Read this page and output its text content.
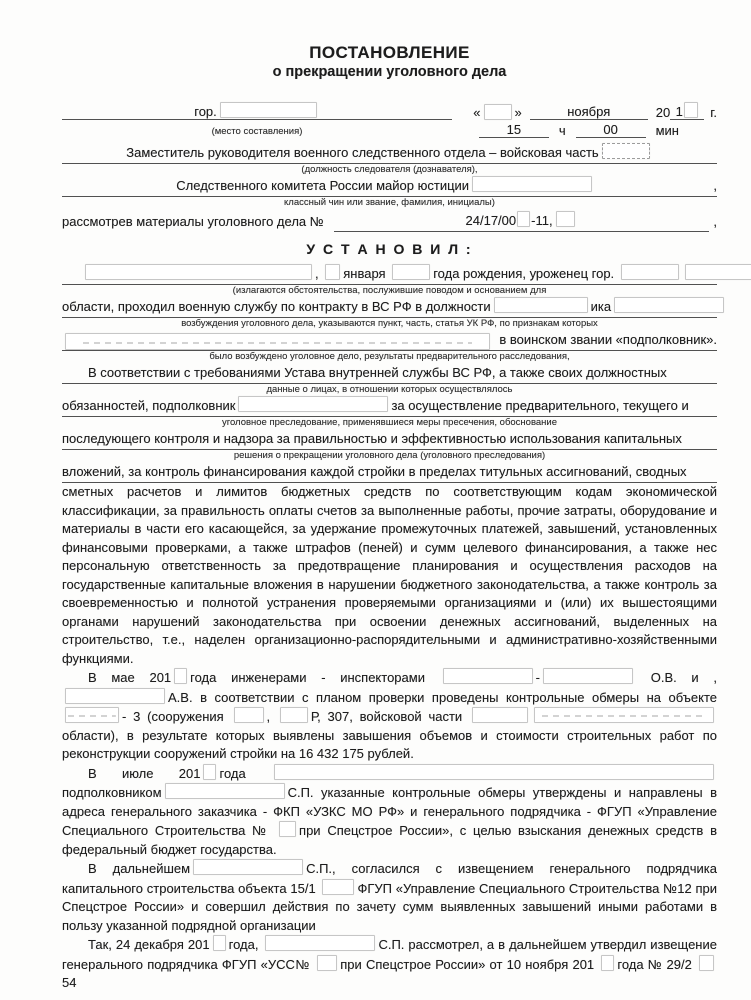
ПОСТАНОВЛЕНИЕ
о прекращении уголовного дела
гор.	«	»	ноября	20 1	г.
(место составления)	15	ч	00	мин
Заместитель руководителя военного следственного отдела – войсковая часть
(должность следователя (дознавателя),
Следственного комитета России майор юстиции	,
классный чин или звание, фамилия, инициалы)
рассмотрев материалы уголовного дела №	24/17/00 -11,	,
У С Т А Н О В И Л :
, января	года рождения, уроженец гор.
(излагаются обстоятельства, послужившие поводом и основанием для
области, проходил военную службу по контракту в ВС РФ в должности	ика
возбуждения уголовного дела, указываются пункт, часть, статья УК РФ, по признакам которых
в воинском звании «подполковник».
было возбуждено уголовное дело, результаты предварительного расследования,
В соответствии с требованиями Устава внутренней службы ВС РФ, а также своих должностных
данные о лицах, в отношении которых осуществлялось
обязанностей, подполковник	за осуществление предварительного, текущего и
уголовное преследование, применявшиеся меры пресечения, обоснование
последующего контроля и надзора за правильностью и эффективностью использования капитальных
решения о прекращении уголовного дела (уголовного преследования)
вложений, за контроль финансирования каждой стройки в пределах титульных ассигнований, сводных

сметных расчетов и лимитов бюджетных средств по соответствующим кодам экономической классификации, за правильность оплаты счетов за выполненные работы, прочие затраты, оборудование и материалы в части его касающейся, за удержание промежуточных платежей, завышений, установленных финансовыми проверками, а также штрафов (пеней) и сумм целевого финансирования, а также нес персональную ответственность за предотвращение планирования и осуществления расходов на государственные капитальные вложения в нарушении бюджетного законодательства, а также контроль за своевременностью и полнотой устранения проверяемыми организациями и (или) их вышестоящими органами нарушений законодательства при освоении денежных ассигнований, выделенных на строительство, т.е., наделен организационно-распорядительными и административно-хозяйственными функциями.

В мае 201 года инженерами - инспекторами	-	О.В. и ,А.В. в соответствии с планом проверки проведены контрольные обмеры на объекте - 3 (сооружения	,	Р, 307, войсковой части области), в результате которых выявлены завышения объемов и стоимости строительных работ по реконструкции сооружений стройки на 16 432 175 рублей.

В июле 201 года  подполковником	С.П. указанные контрольные обмеры утверждены и направлены в адреса генерального заказчика - ФКП «УЗКС МО РФ» и генерального подрядчика - ФГУП «Управление Специального Строительства № при Спецстрое России», с целью взыскания денежных средств в федеральный бюджет государства.

В дальнейшем	С.П., согласился с извещением генерального подрядчика капитального строительства объекта 15/1	ФГУП «Управление Специального Строительства №12 при Спецстрое России» и совершил действия по зачету сумм выявленных завышений иными работами в пользу указанной подрядной организации

Так, 24 декабря 201 года,	С.П. рассмотрел, а в дальнейшем утвердил извещение генерального подрядчика ФГУП «УСС№ при Спецстрое России» от 10 ноября 201 года № 29/2 54
